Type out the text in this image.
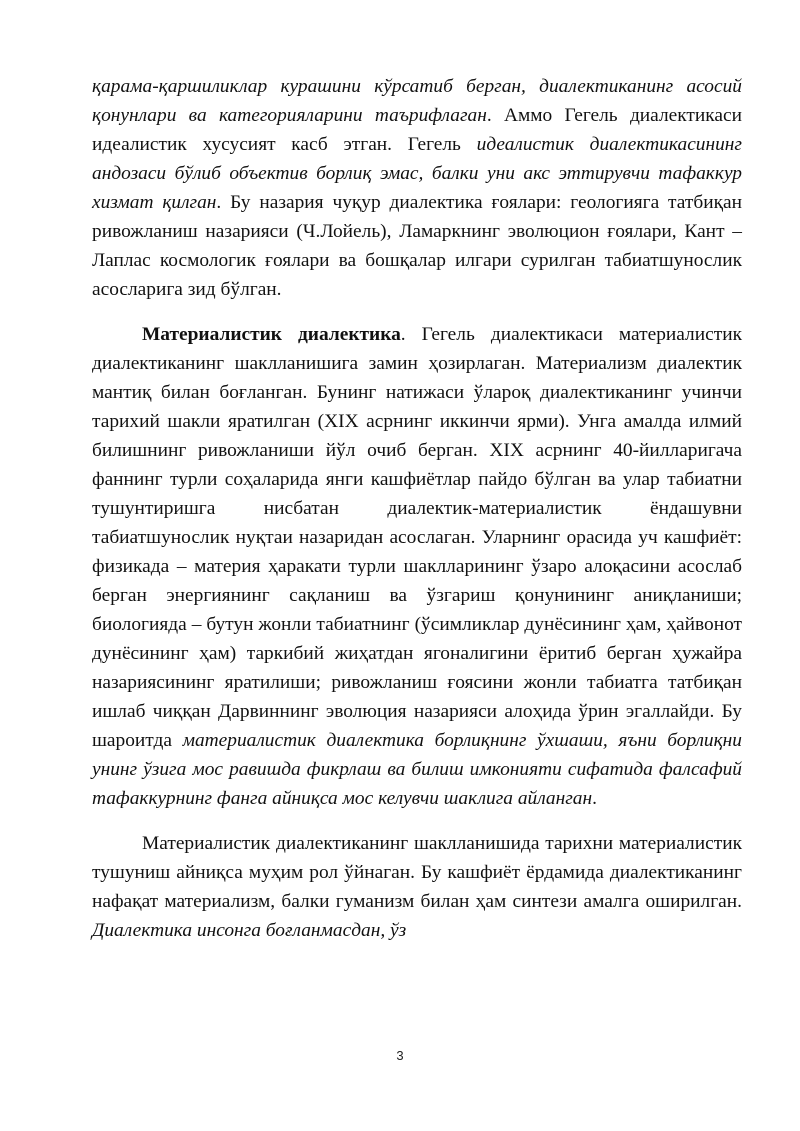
қарама-қаршиликлар курашини кўрсатиб берган, диалектиканинг асосий қонунлари ва категорияларини таърифлаган. Аммо Гегель диалектикаси идеалистик хусусият касб этган. Гегель идеалистик диалектикасининг андозаси бўлиб объектив борлиқ эмас, балки уни акс эттирувчи тафаккур хизмат қилган. Бу назария чуқур диалектика ғоялари: геологияга татбиқан ривожланиш назарияси (Ч.Лойель), Ламаркнинг эволюцион ғоялари, Кант – Лаплас космологик ғоялари ва бошқалар илгари сурилган табиатшунослик асосларига зид бўлган.

Материалистик диалектика. Гегель диалектикаси материалистик диалектиканинг шаклланишига замин ҳозирлаган. Материализм диалектик мантиқ билан боғланган. Бунинг натижаси ўлароқ диалектиканинг учинчи тарихий шакли яратилган (XIX асрнинг иккинчи ярми). Унга амалда илмий билишнинг ривожланиши йўл очиб берган. XIX асрнинг 40-йилларигача фаннинг турли соҳаларида янги кашфиётлар пайдо бўлган ва улар табиатни тушунтиришга нисбатан диалектик-материалистик ёндашувни табиатшунослик нуқтаи назаридан асослаган. Уларнинг орасида уч кашфиёт: физикада – материя ҳаракати турли шаклларининг ўзаро алоқасини асослаб берган энергиянинг сақланиш ва ўзгариш қонунининг аниқланиши; биологияда – бутун жонли табиатнинг (ўсимликлар дунёсининг ҳам, ҳайвонот дунёсининг ҳам) таркибий жиҳатдан ягоналигини ёритиб берган ҳужайра назариясининг яратилиши; ривожланиш ғоясини жонли табиатга татбиқан ишлаб чиққан Дарвиннинг эволюция назарияси алоҳида ўрин эгаллайди. Бу шароитда материалистик диалектика борлиқнинг ўхшаши, яъни борлиқни унинг ўзига мос равишда фикрлаш ва билиш имконияти сифатида фалсафий тафаккурнинг фанга айниқса мос келувчи шаклига айланган.

Материалистик диалектиканинг шаклланишида тарихни материалистик тушуниш айниқса муҳим рол ўйнаган. Бу кашфиёт ёрдамида диалектиканинг нафақат материализм, балки гуманизм билан ҳам синтези амалга оширилган. Диалектика инсонга боғланмасдан, ўз

3
